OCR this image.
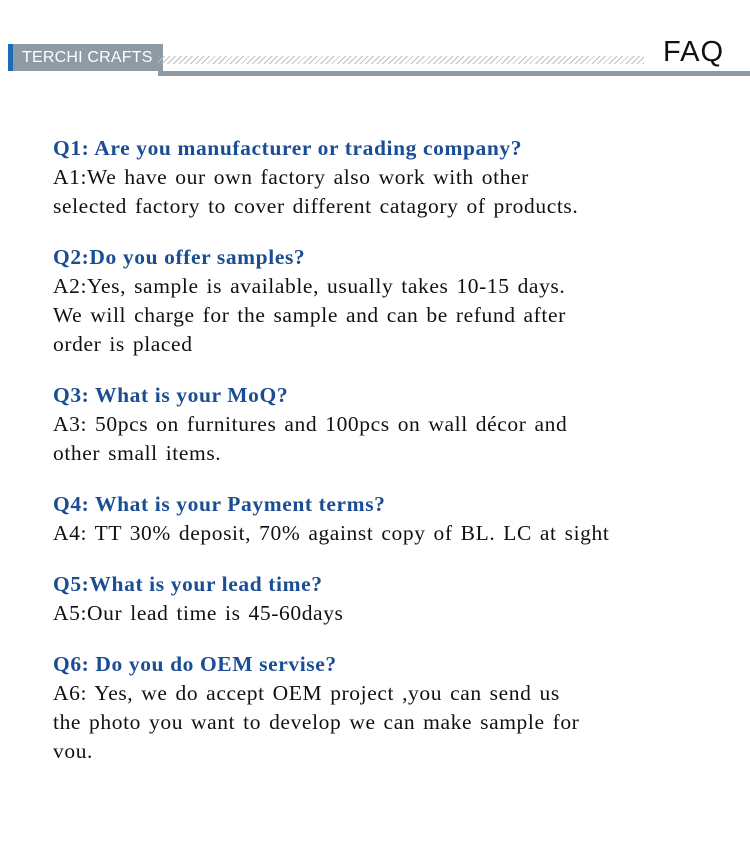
TERCHI CRAFTS	FAQ
Q1: Are you manufacturer or trading company?
A1:We have our own factory also work with other
selected factory to cover different catagory of products.
Q2:Do you offer samples?
A2:Yes, sample is available, usually takes 10-15 days.
We will charge for the sample and can be refund after
order is placed
Q3: What is your MoQ?
A3: 50pcs on furnitures and 100pcs on wall décor and
other small items.
Q4: What is your Payment terms?
A4: TT 30% deposit, 70% against copy of BL. LC at sight
Q5:What is your lead time?
A5:Our lead time is 45-60days
Q6: Do you do OEM servise?
A6: Yes, we do accept OEM project ,you can send us
the photo you want to develop we can make sample for
vou.
